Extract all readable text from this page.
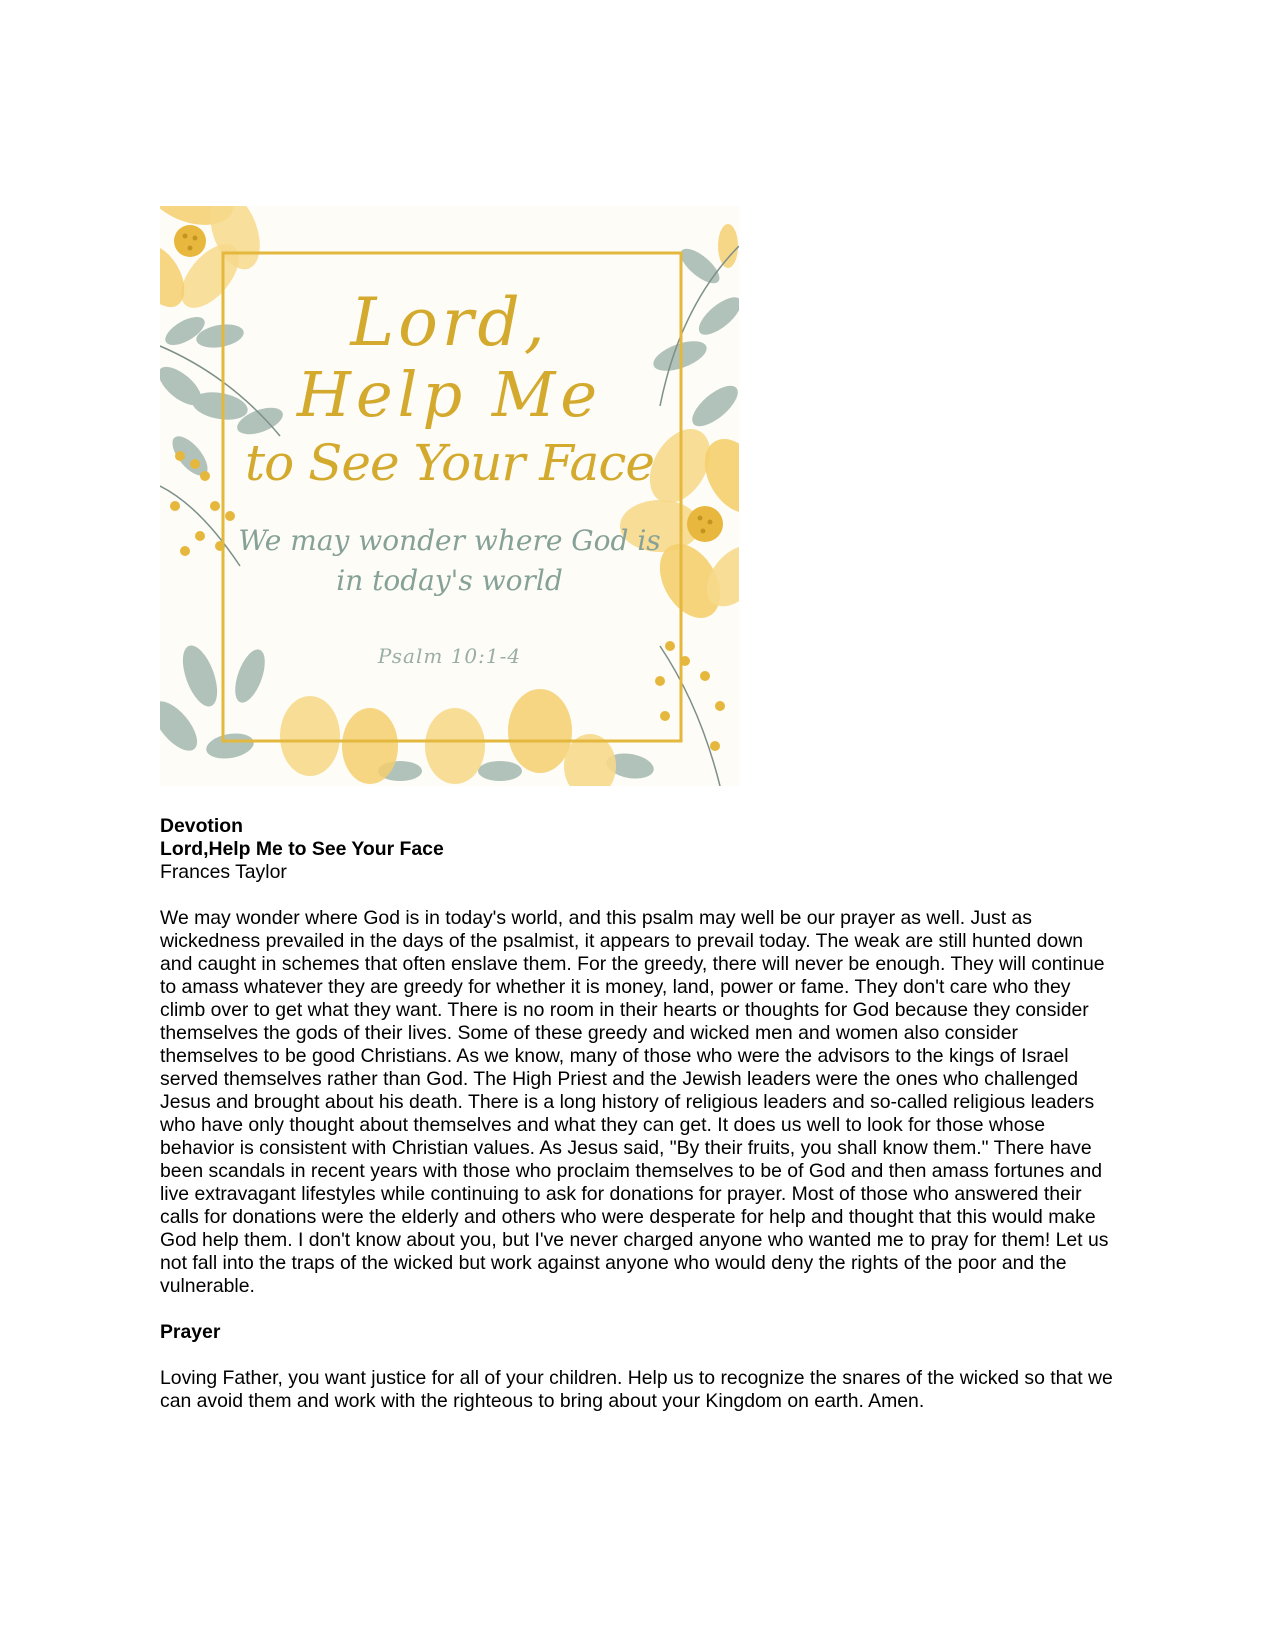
Lord,

Help Me

to See Your Face

We may wonder where God is

in today's world

Psalm 10:1-4

Devotion

Lord,Help Me to See Your Face

Frances Taylor

We may wonder where God is in today's world, and this psalm may well be our prayer as well. Just as wickedness prevailed in the days of the psalmist, it appears to prevail today. The weak are still hunted down and caught in schemes that often enslave them. For the greedy, there will never be enough. They will continue to amass whatever they are greedy for whether it is money, land, power or fame. They don't care who they climb over to get what they want. There is no room in their hearts or thoughts for God because they consider themselves the gods of their lives. Some of these greedy and wicked men and women also consider themselves to be good Christians. As we know, many of those who were the advisors to the kings of Israel served themselves rather than God. The High Priest and the Jewish leaders were the ones who challenged Jesus and brought about his death. There is a long history of religious leaders and so-called religious leaders who have only thought about themselves and what they can get. It does us well to look for those whose behavior is consistent with Christian values. As Jesus said, "By their fruits, you shall know them." There have been scandals in recent years with those who proclaim themselves to be of God and then amass fortunes and live extravagant lifestyles while continuing to ask for donations for prayer. Most of those who answered their calls for donations were the elderly and others who were desperate for help and thought that this would make God help them. I don't know about you, but I've never charged anyone who wanted me to pray for them! Let us not fall into the traps of the wicked but work against anyone who would deny the rights of the poor and the vulnerable.

Prayer

Loving Father, you want justice for all of your children. Help us to recognize the snares of the wicked so that we can avoid them and work with the righteous to bring about your Kingdom on earth. Amen.
